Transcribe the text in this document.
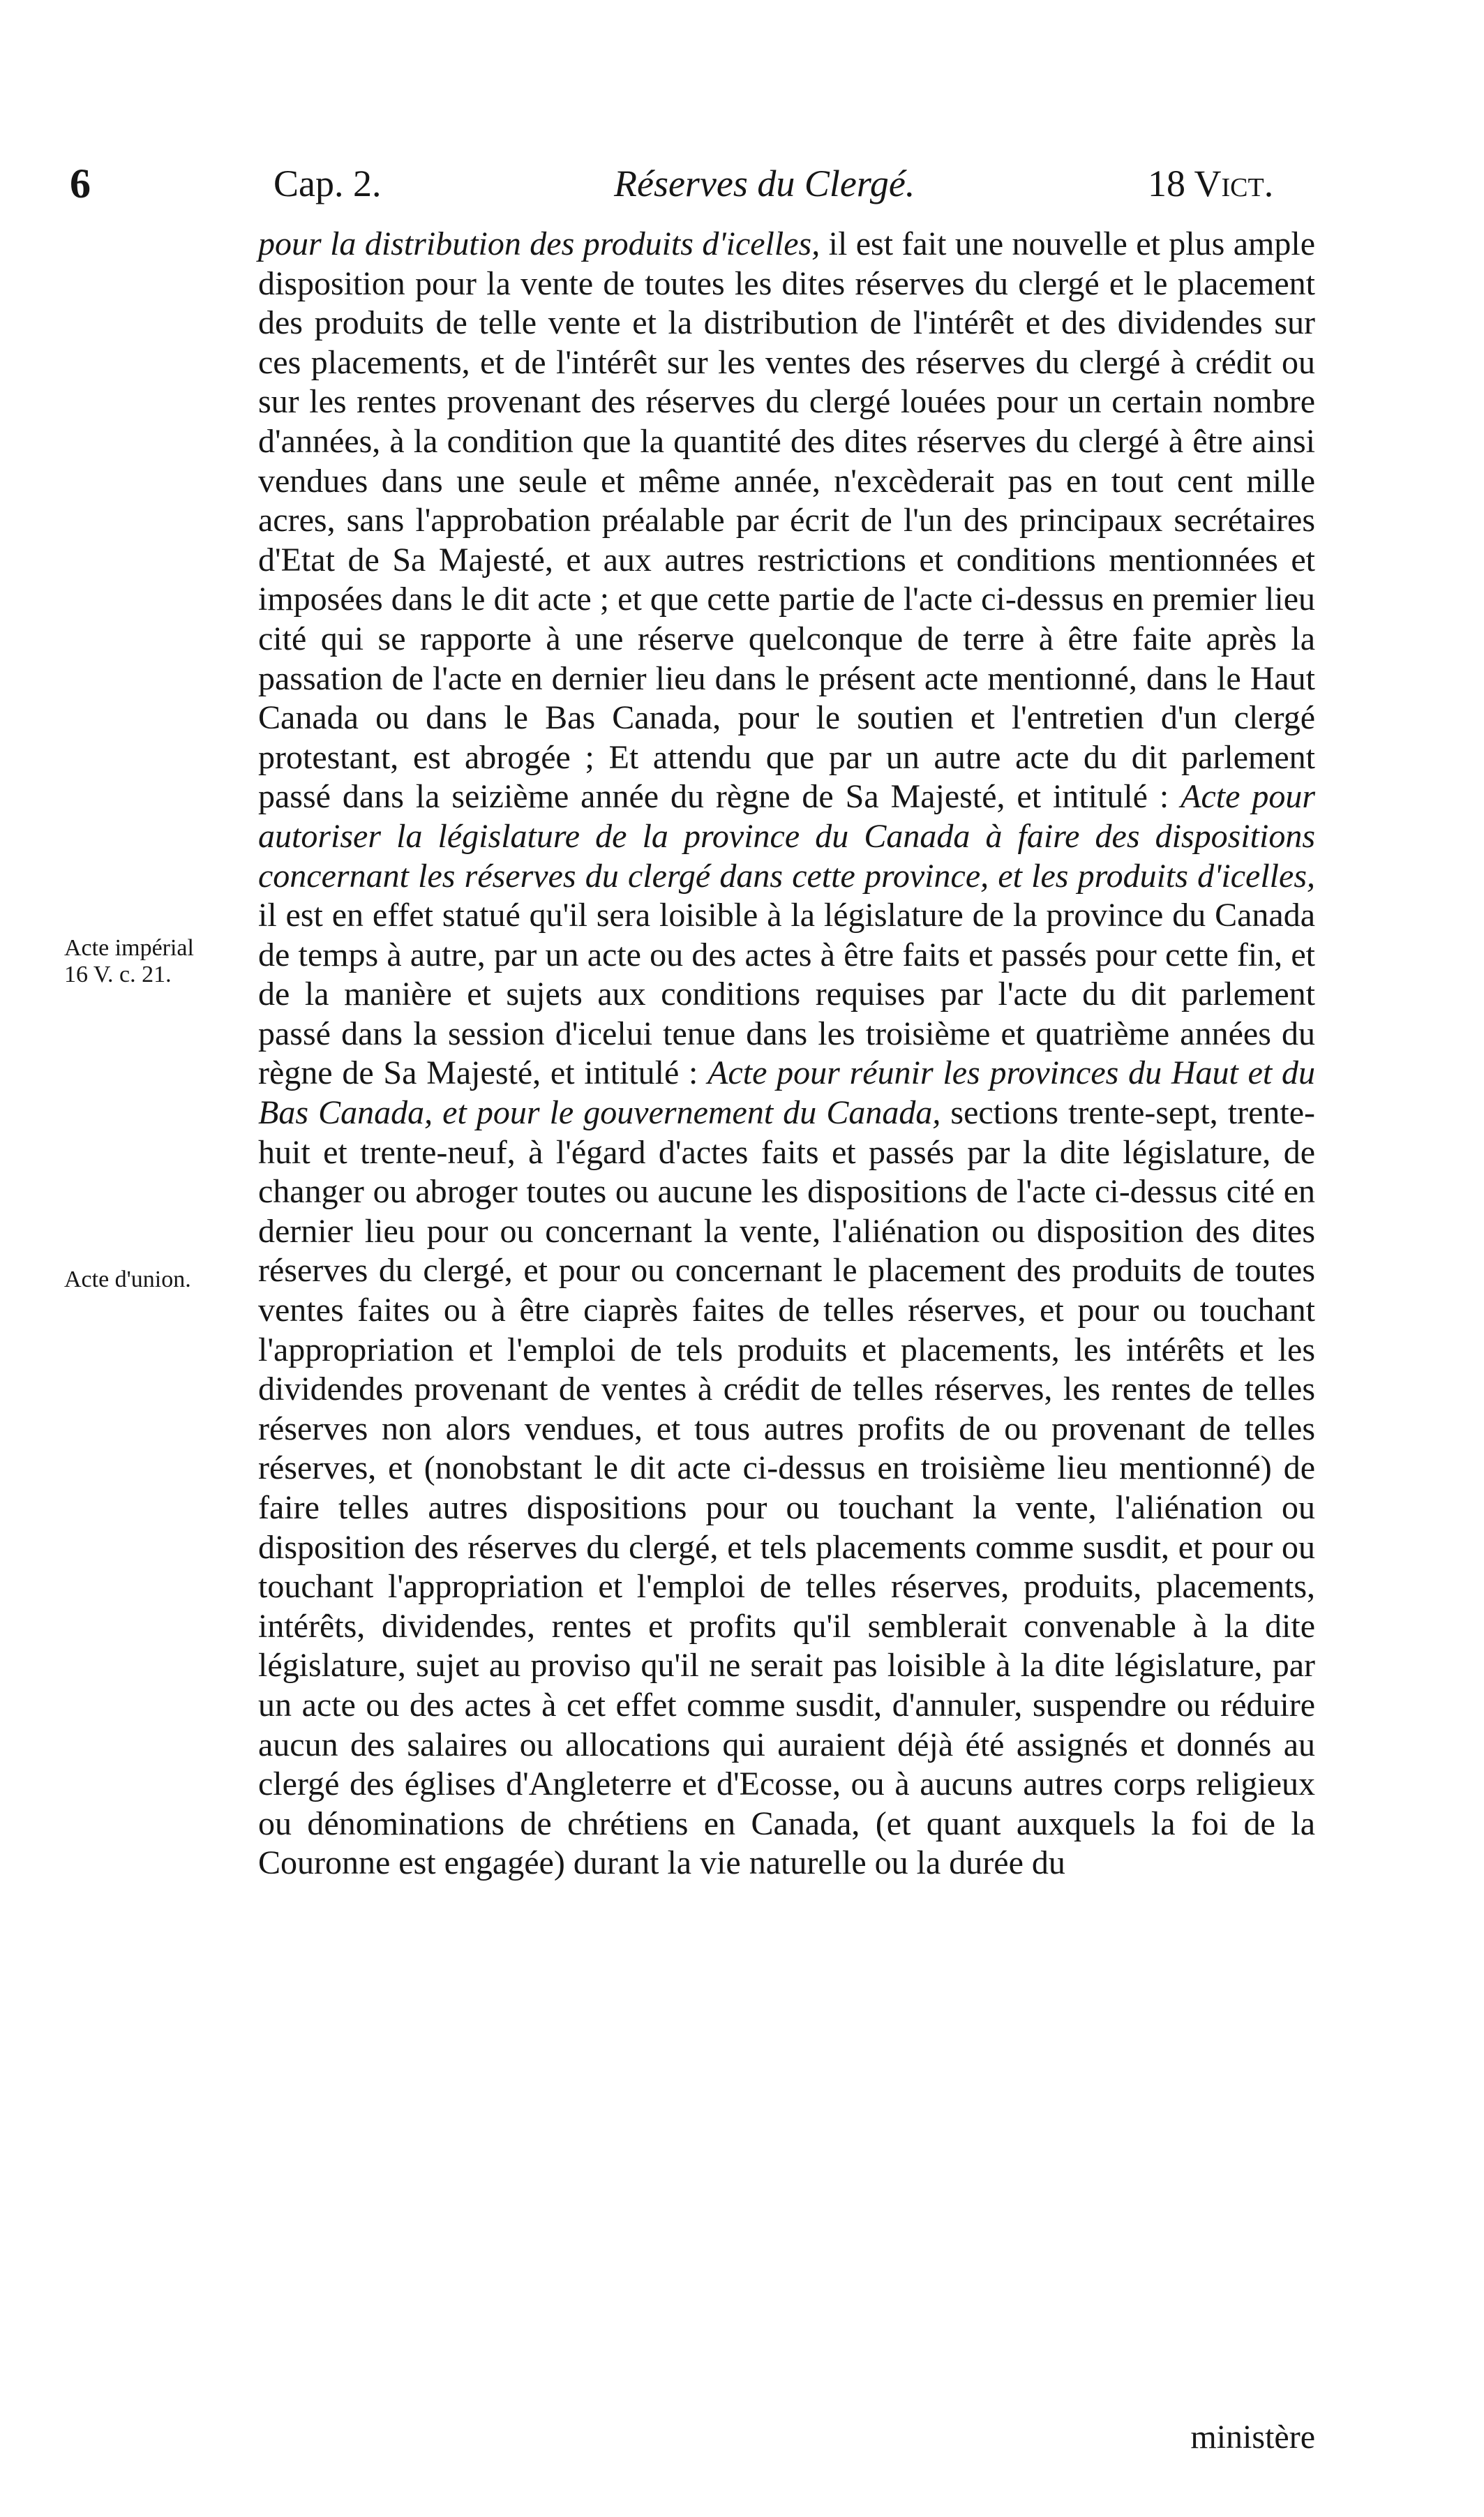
6	Cap. 2.	Réserves du Clergé.	18 Vict.
Acte impérial
16 V. c. 21.
Acte d'union.

pour la distribution des produits d'icelles, il est fait une nouvelle et plus ample disposition pour la vente de toutes les dites réserves du clergé et le placement des produits de telle vente et la distribution de l'intérêt et des dividendes sur ces placements, et de l'intérêt sur les ventes des réserves du clergé à crédit ou sur les rentes provenant des réserves du clergé louées pour un certain nombre d'années, à la condition que la quantité des dites réserves du clergé à être ainsi vendues dans une seule et même année, n'excèderait pas en tout cent mille acres, sans l'approbation préalable par écrit de l'un des principaux secrétaires d'Etat de Sa Majesté, et aux autres restrictions et conditions mentionnées et imposées dans le dit acte ; et que cette partie de l'acte ci-dessus en premier lieu cité qui se rapporte à une réserve quelconque de terre à être faite après la passation de l'acte en dernier lieu dans le présent acte mentionné, dans le Haut Canada ou dans le Bas Canada, pour le soutien et l'entretien d'un clergé protestant, est abrogée ; Et attendu que par un autre acte du dit parlement passé dans la seizième année du règne de Sa Majesté, et intitulé : Acte pour autoriser la législature de la province du Canada à faire des dispositions concernant les réserves du clergé dans cette province, et les produits d'icelles, il est en effet statué qu'il sera loisible à la législature de la province du Canada de temps à autre, par un acte ou des actes à être faits et passés pour cette fin, et de la manière et sujets aux conditions requises par l'acte du dit parlement passé dans la session d'icelui tenue dans les troisième et quatrième années du règne de Sa Majesté, et intitulé : Acte pour réunir les provinces du Haut et du Bas Canada, et pour le gouvernement du Canada, sections trente-sept, trente-huit et trente-neuf, à l'égard d'actes faits et passés par la dite législature, de changer ou abroger toutes ou aucune les dispositions de l'acte ci-dessus cité en dernier lieu pour ou concernant la vente, l'aliénation ou disposition des dites réserves du clergé, et pour ou concernant le placement des produits de toutes ventes faites ou à être ciaprès faites de telles réserves, et pour ou touchant l'appropriation et l'emploi de tels produits et placements, les intérêts et les dividendes provenant de ventes à crédit de telles réserves, les rentes de telles réserves non alors vendues, et tous autres profits de ou provenant de telles réserves, et (nonobstant le dit acte ci-dessus en troisième lieu mentionné) de faire telles autres dispositions pour ou touchant la vente, l'aliénation ou disposition des réserves du clergé, et tels placements comme susdit, et pour ou touchant l'appropriation et l'emploi de telles réserves, produits, placements, intérêts, dividendes, rentes et profits qu'il semblerait convenable à la dite législature, sujet au proviso qu'il ne serait pas loisible à la dite législature, par un acte ou des actes à cet effet comme susdit, d'annuler, suspendre ou réduire aucun des salaires ou allocations qui auraient déjà été assignés et donnés au clergé des églises d'Angleterre et d'Ecosse, ou à aucuns autres corps religieux ou dénominations de chrétiens en Canada, (et quant auxquels la foi de la Couronne est engagée) durant la vie naturelle ou la durée du

ministère
